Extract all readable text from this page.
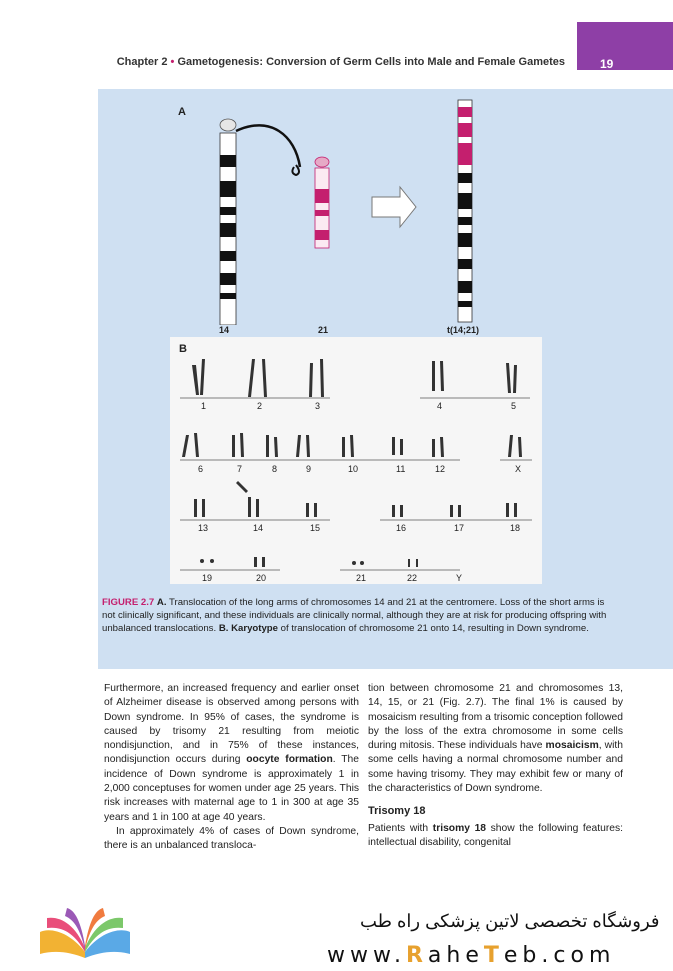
Chapter 2 • Gametogenesis: Conversion of Germ Cells into Male and Female Gametes	19
A
14	21	t(14;21)
B
1	2	3	4	5
6	7	8	9	10	11	12	X
13	14	15	16	17	18
19	20	21	22	Y
FIGURE 2.7 A. Translocation of the long arms of chromosomes 14 and 21 at the centromere. Loss of the short arms is not clinically significant, and these individuals are clinically normal, although they are at risk for producing offspring with unbalanced translocations. B. Karyotype of translocation of chromosome 21 onto 14, resulting in Down syndrome.

Furthermore, an increased frequency and earlier onset of Alzheimer disease is observed among persons with Down syndrome. In 95% of cases, the syndrome is caused by trisomy 21 resulting from meiotic nondisjunction, and in 75% of these instances, nondisjunction occurs during oocyte formation. The incidence of Down syndrome is approximately 1 in 2,000 conceptuses for women under age 25 years. This risk increases with maternal age to 1 in 300 at age 35 years and 1 in 100 at age 40 years.

In approximately 4% of cases of Down syndrome, there is an unbalanced transloca-

tion between chromosome 21 and chromosomes 13, 14, 15, or 21 (Fig. 2.7). The final 1% is caused by mosaicism resulting from a trisomic conception followed by the loss of the extra chromosome in some cells during mitosis. These individuals have mosaicism, with some cells having a normal chromosome number and some having trisomy. They may exhibit few or many of the characteristics of Down syndrome.

Trisomy 18

Patients with trisomy 18 show the following features: intellectual disability, congenital

فروشگاه تخصصی لاتین پزشکی راه طب
www.RaheTeb.com
